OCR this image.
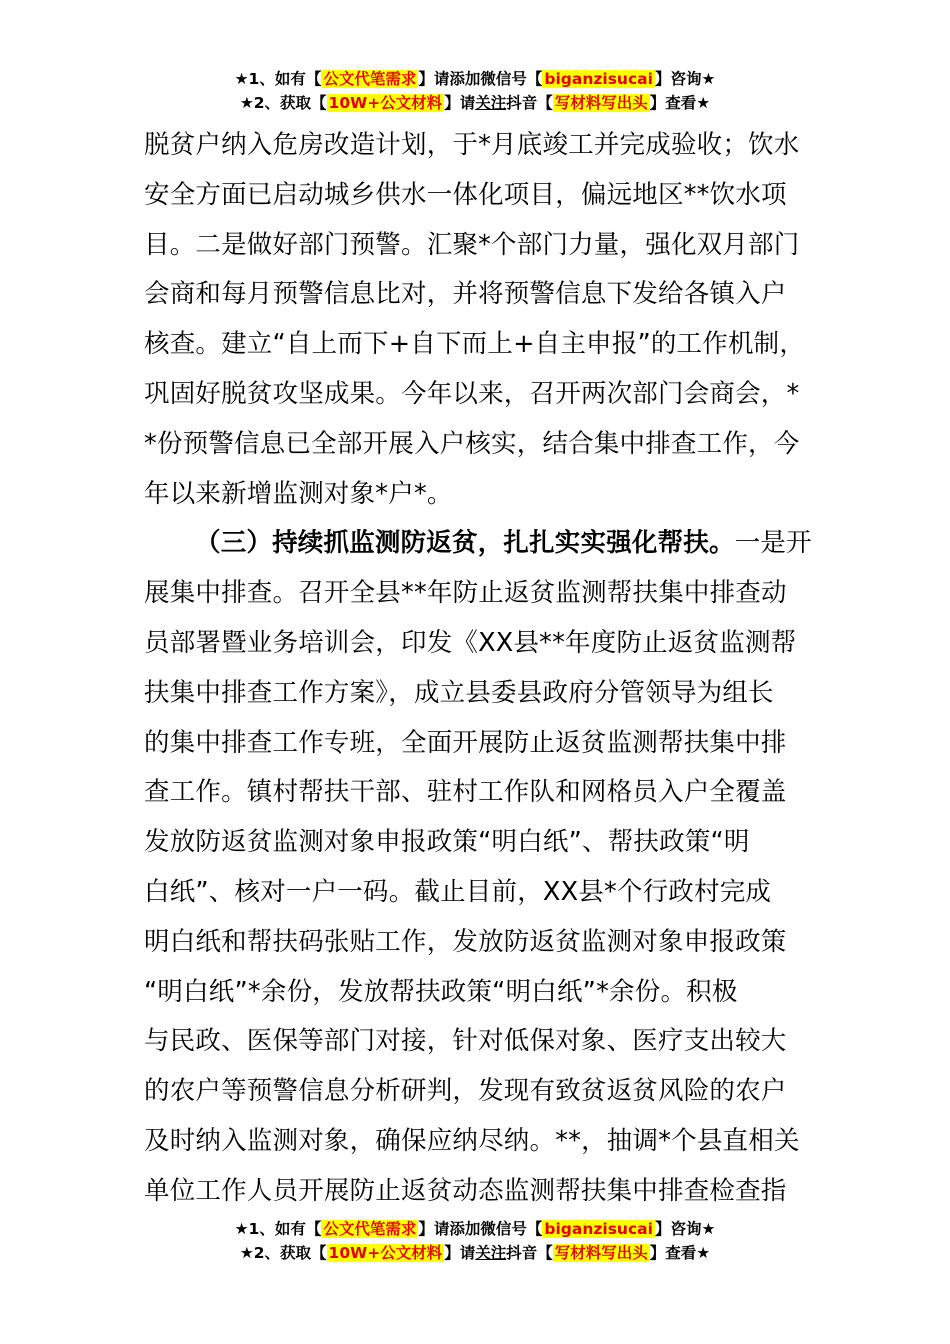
★1、如有【 公文代笔需求 】请添加微信号【 biganzisucai 】咨询★
★2、获取【 10W+公文材料 】请关注抖音【 写材料写出头 】查看★
脱贫户纳入危房改造计划，于*月底竣工并完成验收；饮水
安全方面已启动城乡供水一体化项目，偏远地区**饮水项
目。二是做好部门预警。汇聚*个部门力量，强化双月部门
会商和每月预警信息比对，并将预警信息下发给各镇入户
核查。建立“自上而下+自下而上+自主申报”的工作机制，
巩固好脱贫攻坚成果。今年以来，召开两次部门会商会，*
*份预警信息已全部开展入户核实，结合集中排查工作，今
年以来新增监测对象*户*。
（三）持续抓监测防返贫，扎扎实实强化帮扶。一是开
展集中排查。召开全县**年防止返贫监测帮扶集中排查动
员部署暨业务培训会，印发《XX县**年度防止返贫监测帮
扶集中排查工作方案》，成立县委县政府分管领导为组长
的集中排查工作专班，全面开展防止返贫监测帮扶集中排
查工作。镇村帮扶干部、驻村工作队和网格员入户全覆盖
发放防返贫监测对象申报政策“明白纸”、帮扶政策“明
白纸”、核对一户一码。截止目前，XX县*个行政村完成
明白纸和帮扶码张贴工作，发放防返贫监测对象申报政策
“明白纸”*余份，发放帮扶政策“明白纸”*余份。积极
与民政、医保等部门对接，针对低保对象、医疗支出较大
的农户等预警信息分析研判，发现有致贫返贫风险的农户
及时纳入监测对象，确保应纳尽纳。**，抽调*个县直相关
单位工作人员开展防止返贫动态监测帮扶集中排查检查指
★1、如有【 公文代笔需求 】请添加微信号【 biganzisucai 】咨询★
★2、获取【 10W+公文材料 】请关注抖音【 写材料写出头 】查看★
